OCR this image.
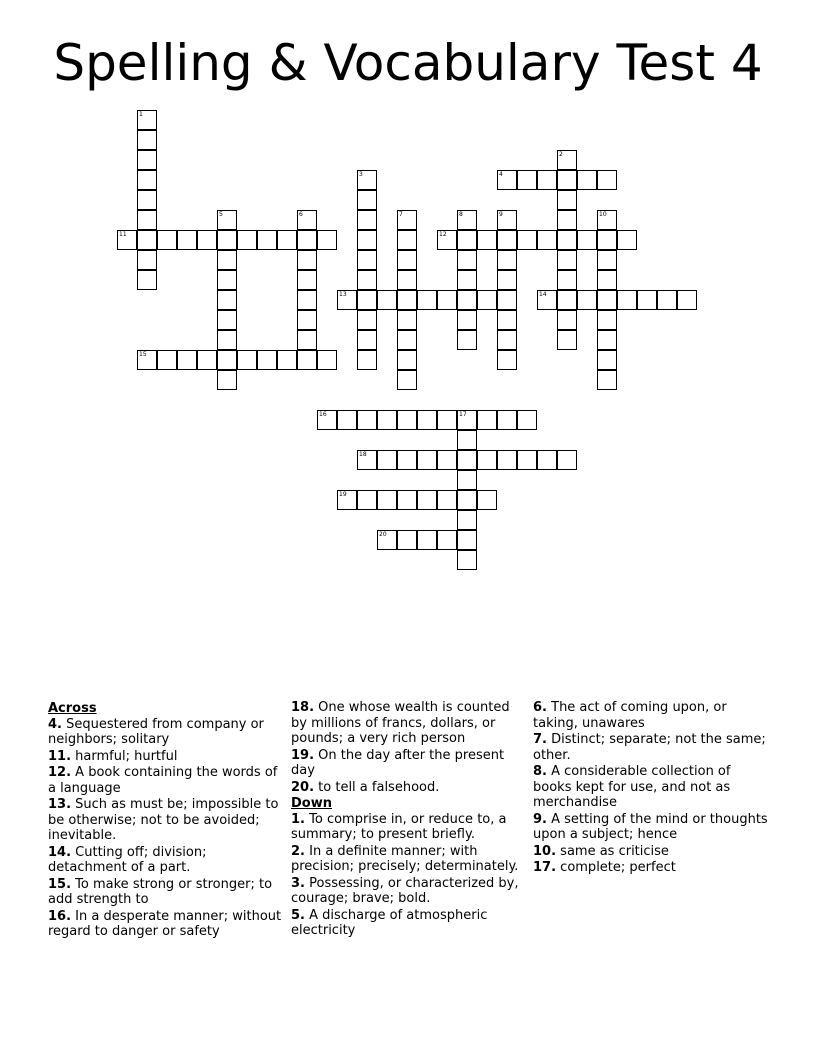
Spelling & Vocabulary Test 4
1
2
3	4
5	6	7	8	9	10
11	12
13	14
15
16	17
18
19
20
Across
4. Sequestered from company or neighbors; solitary
11. harmful; hurtful
12. A book containing the words of a language
13. Such as must be; impossible to be otherwise; not to be avoided; inevitable.
14. Cutting off; division; detachment of a part.
15. To make strong or stronger; to add strength to
16. In a desperate manner; without regard to danger or safety
18. One whose wealth is counted by millions of francs, dollars, or pounds; a very rich person
19. On the day after the present day
20. to tell a falsehood.
Down
1. To comprise in, or reduce to, a summary; to present briefly.
2. In a definite manner; with precision; precisely; determinately.
3. Possessing, or characterized by, courage; brave; bold.
5. A discharge of atmospheric electricity
6. The act of coming upon, or taking, unawares
7. Distinct; separate; not the same; other.
8. A considerable collection of books kept for use, and not as merchandise
9. A setting of the mind or thoughts upon a subject; hence
10. same as criticise
17. complete; perfect
